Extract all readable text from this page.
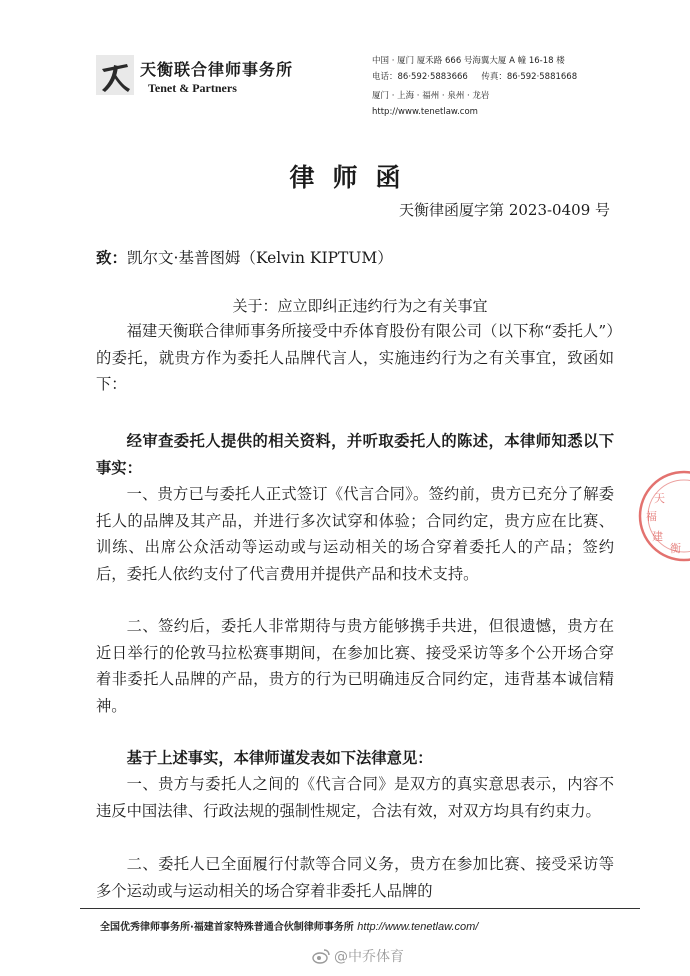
天衡联合律师事务所
Tenet & Partners
中国 · 厦门 厦禾路 666 号海翼大厦 A 幢 16-18 楼
电话：86·592·5883666 传真：86·592·5881668
厦门 · 上海 · 福州 · 泉州 · 龙岩
http://www.tenetlaw.com
律师函
天衡律函厦字第 2023-0409 号
致：凯尔文·基普图姆（Kelvin KIPTUM）
关于：应立即纠正违约行为之有关事宜
福建天衡联合律师事务所接受中乔体育股份有限公司（以下称“委托人”）的委托，就贵方作为委托人品牌代言人，实施违约行为之有关事宜，致函如下：
经审查委托人提供的相关资料，并听取委托人的陈述，本律师知悉以下事实：
一、贵方已与委托人正式签订《代言合同》。签约前，贵方已充分了解委托人的品牌及其产品，并进行多次试穿和体验；合同约定，贵方应在比赛、训练、出席公众活动等运动或与运动相关的场合穿着委托人的产品；签约后，委托人依约支付了代言费用并提供产品和技术支持。
二、签约后，委托人非常期待与贵方能够携手共进，但很遗憾，贵方在近日举行的伦敦马拉松赛事期间，在参加比赛、接受采访等多个公开场合穿着非委托人品牌的产品，贵方的行为已明确违反合同约定，违背基本诚信精神。
基于上述事实，本律师谨发表如下法律意见：
一、贵方与委托人之间的《代言合同》是双方的真实意思表示，内容不违反中国法律、行政法规的强制性规定，合法有效，对双方均具有约束力。
二、委托人已全面履行付款等合同义务，贵方在参加比赛、接受采访等多个运动或与运动相关的场合穿着非委托人品牌的
天
福
建
衡
全国优秀律师事务所·福建首家特殊普通合伙制律师事务所 http://www.tenetlaw.com/
@中乔体育
